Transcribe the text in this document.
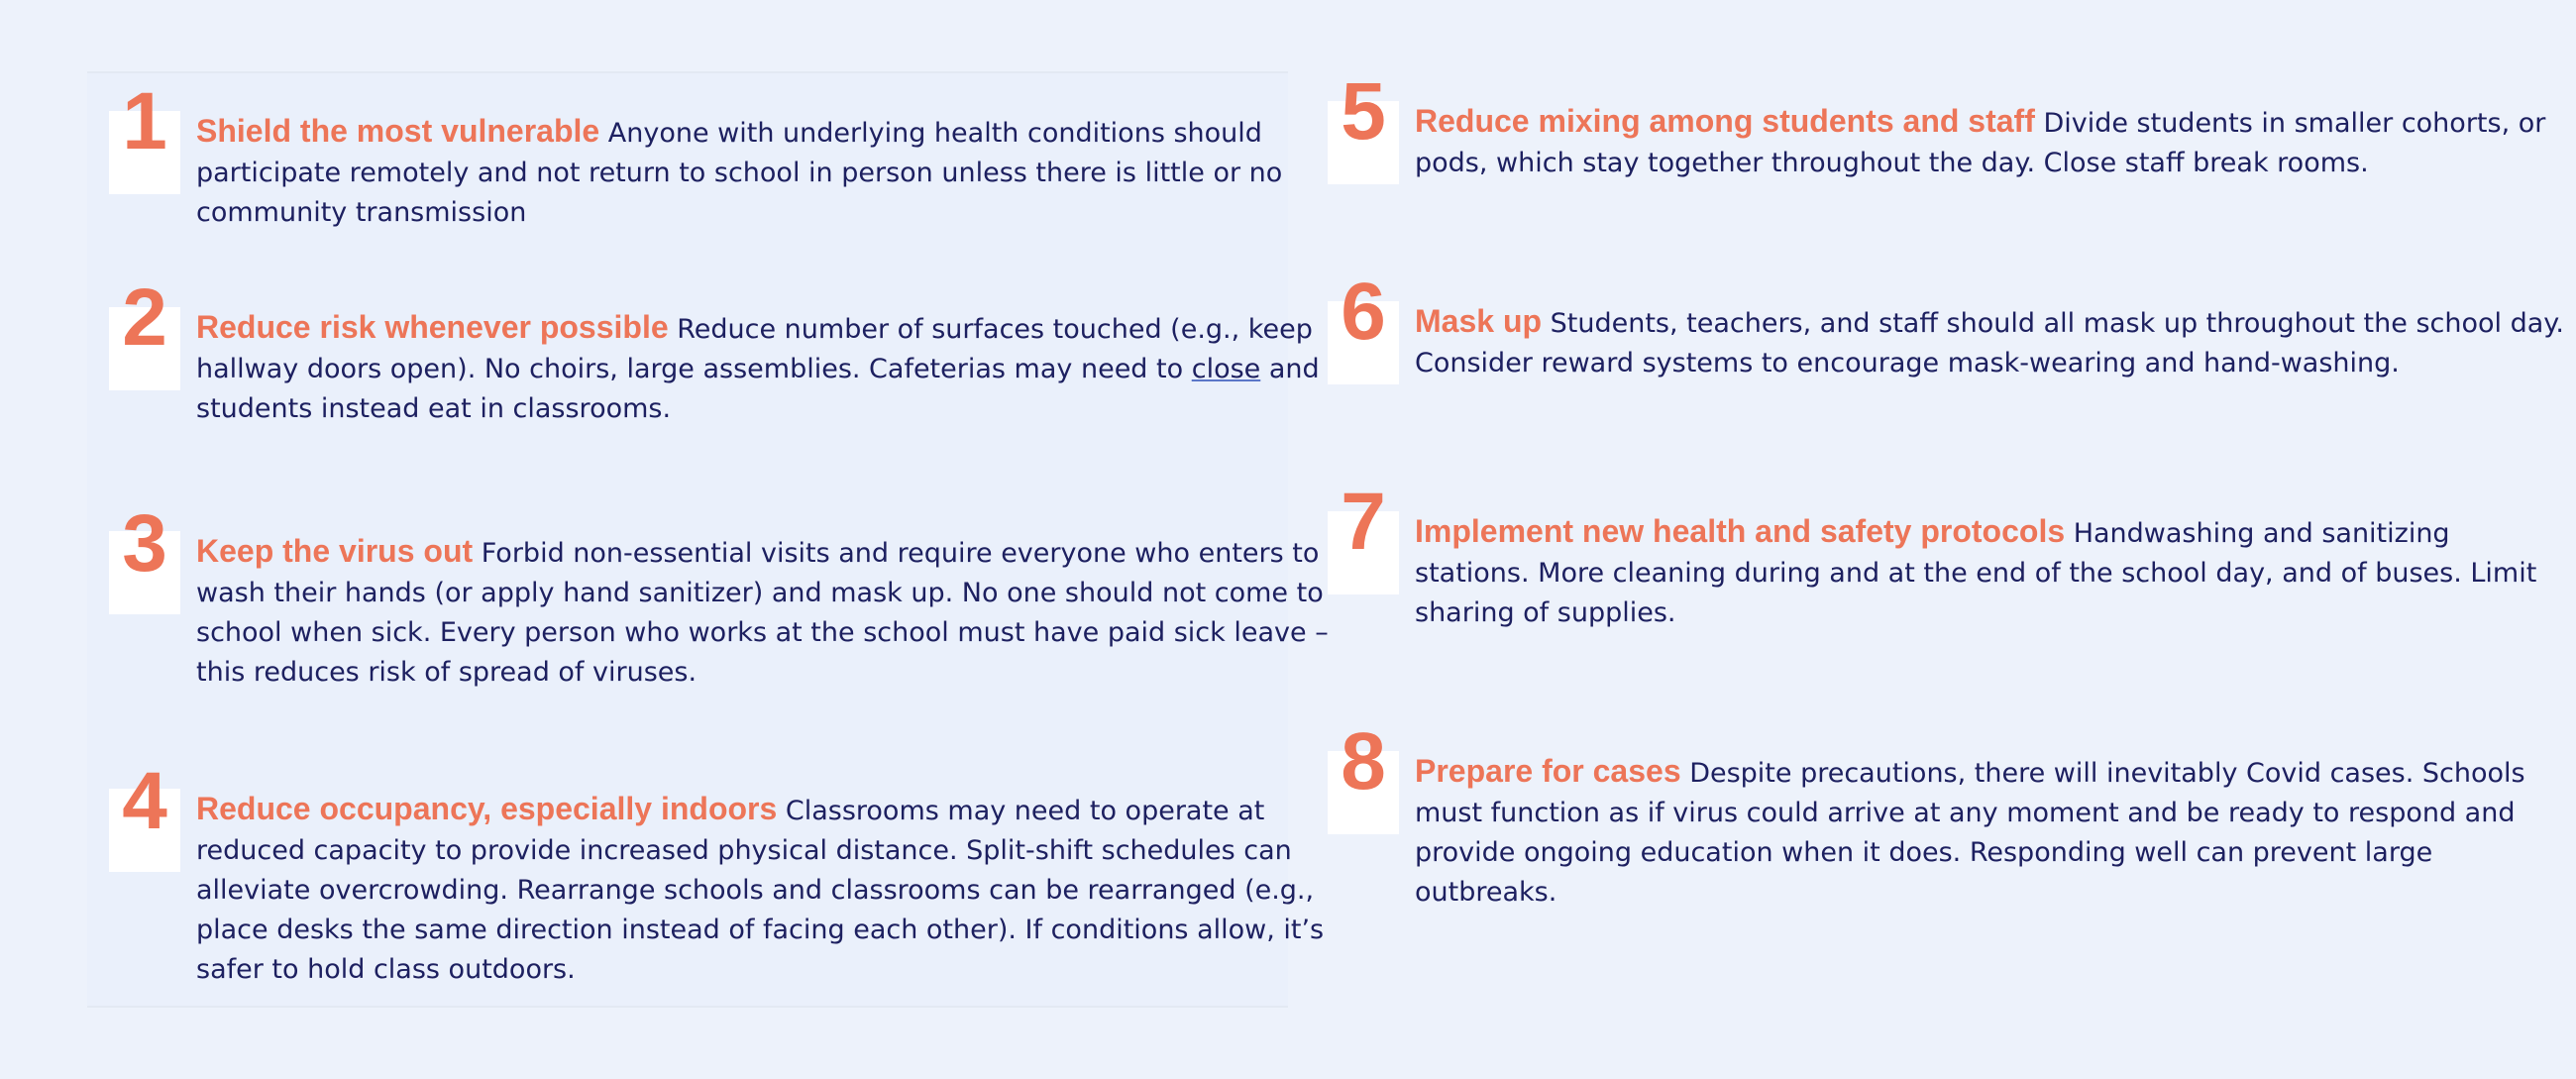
1 Shield the most vulnerable Anyone with underlying health conditions should participate remotely and not return to school in person unless there is little or no community transmission
2 Reduce risk whenever possible Reduce number of surfaces touched (e.g., keep hallway doors open). No choirs, large assemblies. Cafeterias may need to close and students instead eat in classrooms.
3 Keep the virus out Forbid non-essential visits and require everyone who enters to wash their hands (or apply hand sanitizer) and mask up. No one should not come to school when sick. Every person who works at the school must have paid sick leave – this reduces risk of spread of viruses.
4 Reduce occupancy, especially indoors Classrooms may need to operate at reduced capacity to provide increased physical distance. Split-shift schedules can alleviate overcrowding. Rearrange schools and classrooms can be rearranged (e.g., place desks the same direction instead of facing each other). If conditions allow, it’s safer to hold class outdoors.
5 Reduce mixing among students and staff Divide students in smaller cohorts, or pods, which stay together throughout the day. Close staff break rooms.
6 Mask up Students, teachers, and staff should all mask up throughout the school day. Consider reward systems to encourage mask-wearing and hand-washing.
7 Implement new health and safety protocols Handwashing and sanitizing stations. More cleaning during and at the end of the school day, and of buses. Limit sharing of supplies.
8 Prepare for cases Despite precautions, there will inevitably Covid cases. Schools must function as if virus could arrive at any moment and be ready to respond and provide ongoing education when it does. Responding well can prevent large outbreaks.
